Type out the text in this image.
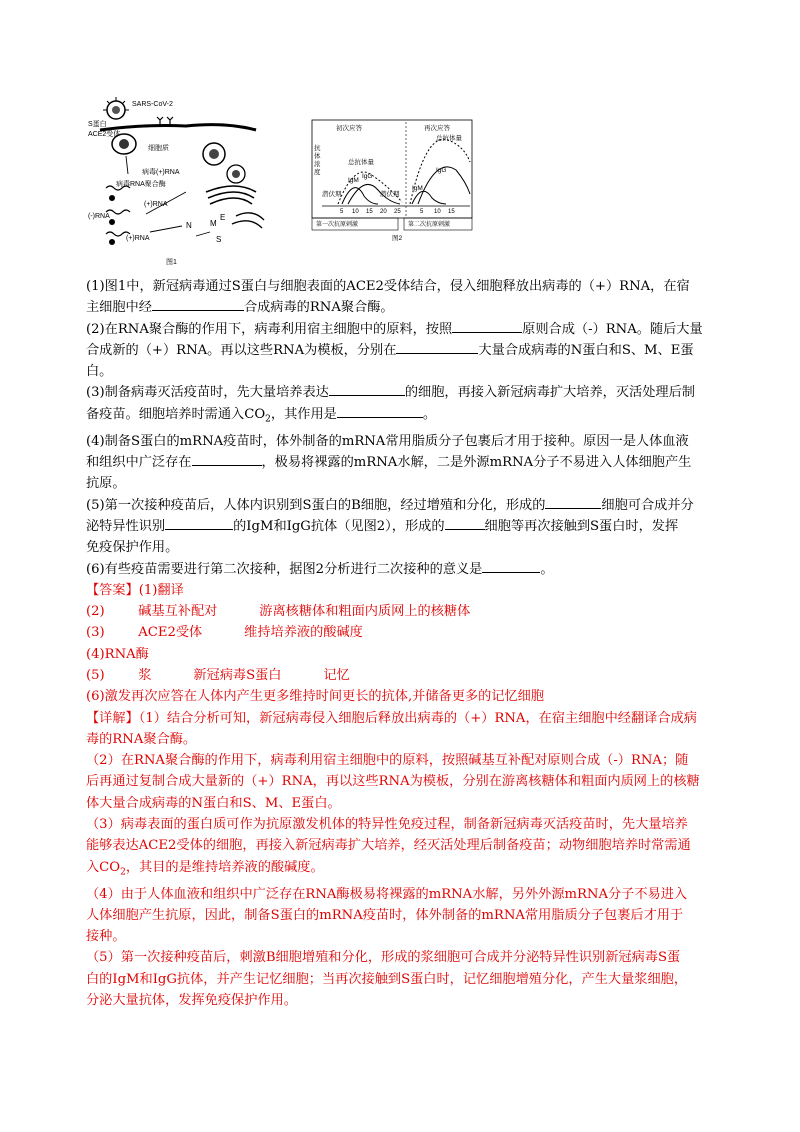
SARS-CoV-2
S蛋白
ACE2受体
细胞质
病毒(+)RNA
病毒RNA聚合酶
(+)RNA
(-)RNA
(+)RNA
N M
E
S
图1
5 10 15 20 25	5 10 15
初次应答	再次应答
抗体浓度
总抗体量
总抗体量
潜伏期	潜伏期
IgM
IgG
IgM
IgG
第一次抗原刺激	第二次抗原刺激
图2

(1)图1中，新冠病毒通过S蛋白与细胞表面的ACE2受体结合，侵入细胞释放出病毒的（+）RNA，在宿
主细胞中经	合成病毒的RNA聚合酶。

(2)在RNA聚合酶的作用下，病毒利用宿主细胞中的原料，按照	原则合成（-）RNA。随后大量
合成新的（+）RNA。再以这些RNA为模板，分别在	大量合成病毒的N蛋白和S、M、E蛋
白。

(3)制备病毒灭活疫苗时，先大量培养表达	的细胞，再接入新冠病毒扩大培养，灭活处理后制
备疫苗。细胞培养时需通入$CO_2$，其作用是	。

(4)制备S蛋白的mRNA疫苗时，体外制备的mRNA常用脂质分子包裹后才用于接种。原因一是人体血液
和组织中广泛存在	，极易将裸露的mRNA水解，二是外源mRNA分子不易进入人体细胞产生
抗原。

(5)第一次接种疫苗后，人体内识别到S蛋白的B细胞，经过增殖和分化，形成的	细胞可合成并分
泌特异性识别	的IgM和IgG抗体（见图2），形成的	细胞等再次接触到S蛋白时，发挥
免疫保护作用。

(6)有些疫苗需要进行第二次接种，据图2分析进行二次接种的意义是	。

【答案】(1)翻译

(2)        碱基互补配对          游离核糖体和粗面内质网上的核糖体

(3)        ACE2受体          维持培养液的酸碱度

(4)RNA酶

(5)        浆          新冠病毒S蛋白          记忆

(6)激发再次应答在人体内产生更多维持时间更长的抗体,并储备更多的记忆细胞

【详解】（1）结合分析可知，新冠病毒侵入细胞后释放出病毒的（+）RNA，在宿主细胞中经翻译合成病
毒的RNA聚合酶。

（2）在RNA聚合酶的作用下，病毒利用宿主细胞中的原料，按照碱基互补配对原则合成（-）RNA；随
后再通过复制合成大量新的（+）RNA，再以这些RNA为模板，分别在游离核糖体和粗面内质网上的核糖
体大量合成病毒的N蛋白和S、M、E蛋白。

（3）病毒表面的蛋白质可作为抗原激发机体的特异性免疫过程，制备新冠病毒灭活疫苗时，先大量培养
能够表达ACE2受体的细胞，再接入新冠病毒扩大培养，经灭活处理后制备疫苗；动物细胞培养时常需通
入$CO_2$，其目的是维持培养液的酸碱度。

（4）由于人体血液和组织中广泛存在RNA酶极易将裸露的mRNA水解，另外外源mRNA分子不易进入
人体细胞产生抗原，因此，制备S蛋白的mRNA疫苗时，体外制备的mRNA常用脂质分子包裹后才用于
接种。

（5）第一次接种疫苗后，刺激B细胞增殖和分化，形成的浆细胞可合成并分泌特异性识别新冠病毒S蛋
白的IgM和IgG抗体，并产生记忆细胞；当再次接触到S蛋白时，记忆细胞增殖分化，产生大量浆细胞，
分泌大量抗体，发挥免疫保护作用。
